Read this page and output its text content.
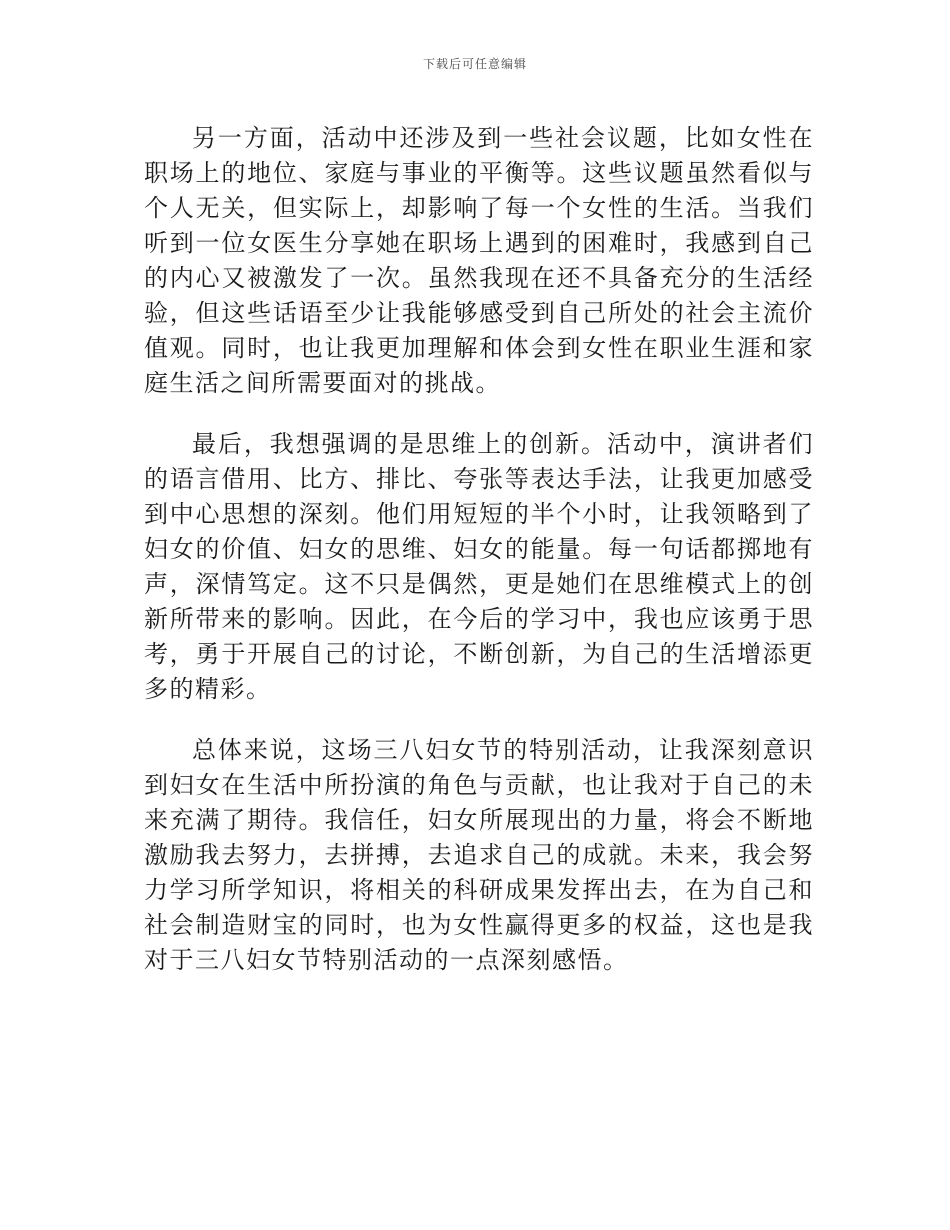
下载后可任意编辑

另一方面，活动中还涉及到一些社会议题，比如女性在职场上的地位、家庭与事业的平衡等。这些议题虽然看似与个人无关，但实际上，却影响了每一个女性的生活。当我们听到一位女医生分享她在职场上遇到的困难时，我感到自己的内心又被激发了一次。虽然我现在还不具备充分的生活经验，但这些话语至少让我能够感受到自己所处的社会主流价值观。同时，也让我更加理解和体会到女性在职业生涯和家庭生活之间所需要面对的挑战。

最后，我想强调的是思维上的创新。活动中，演讲者们的语言借用、比方、排比、夸张等表达手法，让我更加感受到中心思想的深刻。他们用短短的半个小时，让我领略到了妇女的价值、妇女的思维、妇女的能量。每一句话都掷地有声，深情笃定。这不只是偶然，更是她们在思维模式上的创新所带来的影响。因此，在今后的学习中，我也应该勇于思考，勇于开展自己的讨论，不断创新，为自己的生活增添更多的精彩。

总体来说，这场三八妇女节的特别活动，让我深刻意识到妇女在生活中所扮演的角色与贡献，也让我对于自己的未来充满了期待。我信任，妇女所展现出的力量，将会不断地激励我去努力，去拼搏，去追求自己的成就。未来，我会努力学习所学知识，将相关的科研成果发挥出去，在为自己和社会制造财宝的同时，也为女性赢得更多的权益，这也是我对于三八妇女节特别活动的一点深刻感悟。
